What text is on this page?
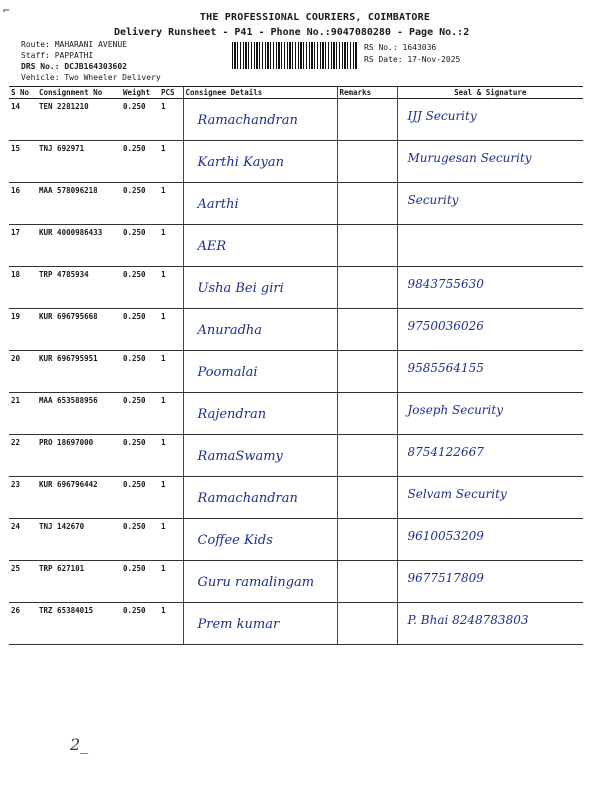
⌐
THE PROFESSIONAL COURIERS, COIMBATORE
Delivery Runsheet - P41 - Phone No.:9047080280 - Page No.:2
Route: MAHARANI AVENUE
Staff: PAPPATHI
DRS No.: DCJB164303602
Vehicle: Two Wheeler Delivery
RS No.: 1643036
RS Date: 17-Nov-2025
S No	Consignment No	Weight	PCS	Consignee Details	Remarks	Seal & Signature
14	TEN 2281210	0.250	1	Ramachandran		IJJ Security

15	TNJ 692971	0.250	1	Karthi Kayan		Murugesan Security

16	MAA 578096218	0.250	1	Aarthi		Security

17	KUR 4000986433	0.250	1	AER		

18	TRP 4785934	0.250	1	Usha Bei giri		9843755630

19	KUR 696795668	0.250	1	Anuradha		9750036026

20	KUR 696795951	0.250	1	Poomalai		9585564155

21	MAA 653588956	0.250	1	Rajendran		Joseph Security

22	PRO 18697000	0.250	1	RamaSwamy		8754122667

23	KUR 696796442	0.250	1	Ramachandran		Selvam Security

24	TNJ 142670	0.250	1	Coffee Kids		9610053209

25	TRP 627101	0.250	1	Guru ramalingam		9677517809

26	TRZ 65384015	0.250	1	Prem kumar		P. Bhai 8248783803
2_
